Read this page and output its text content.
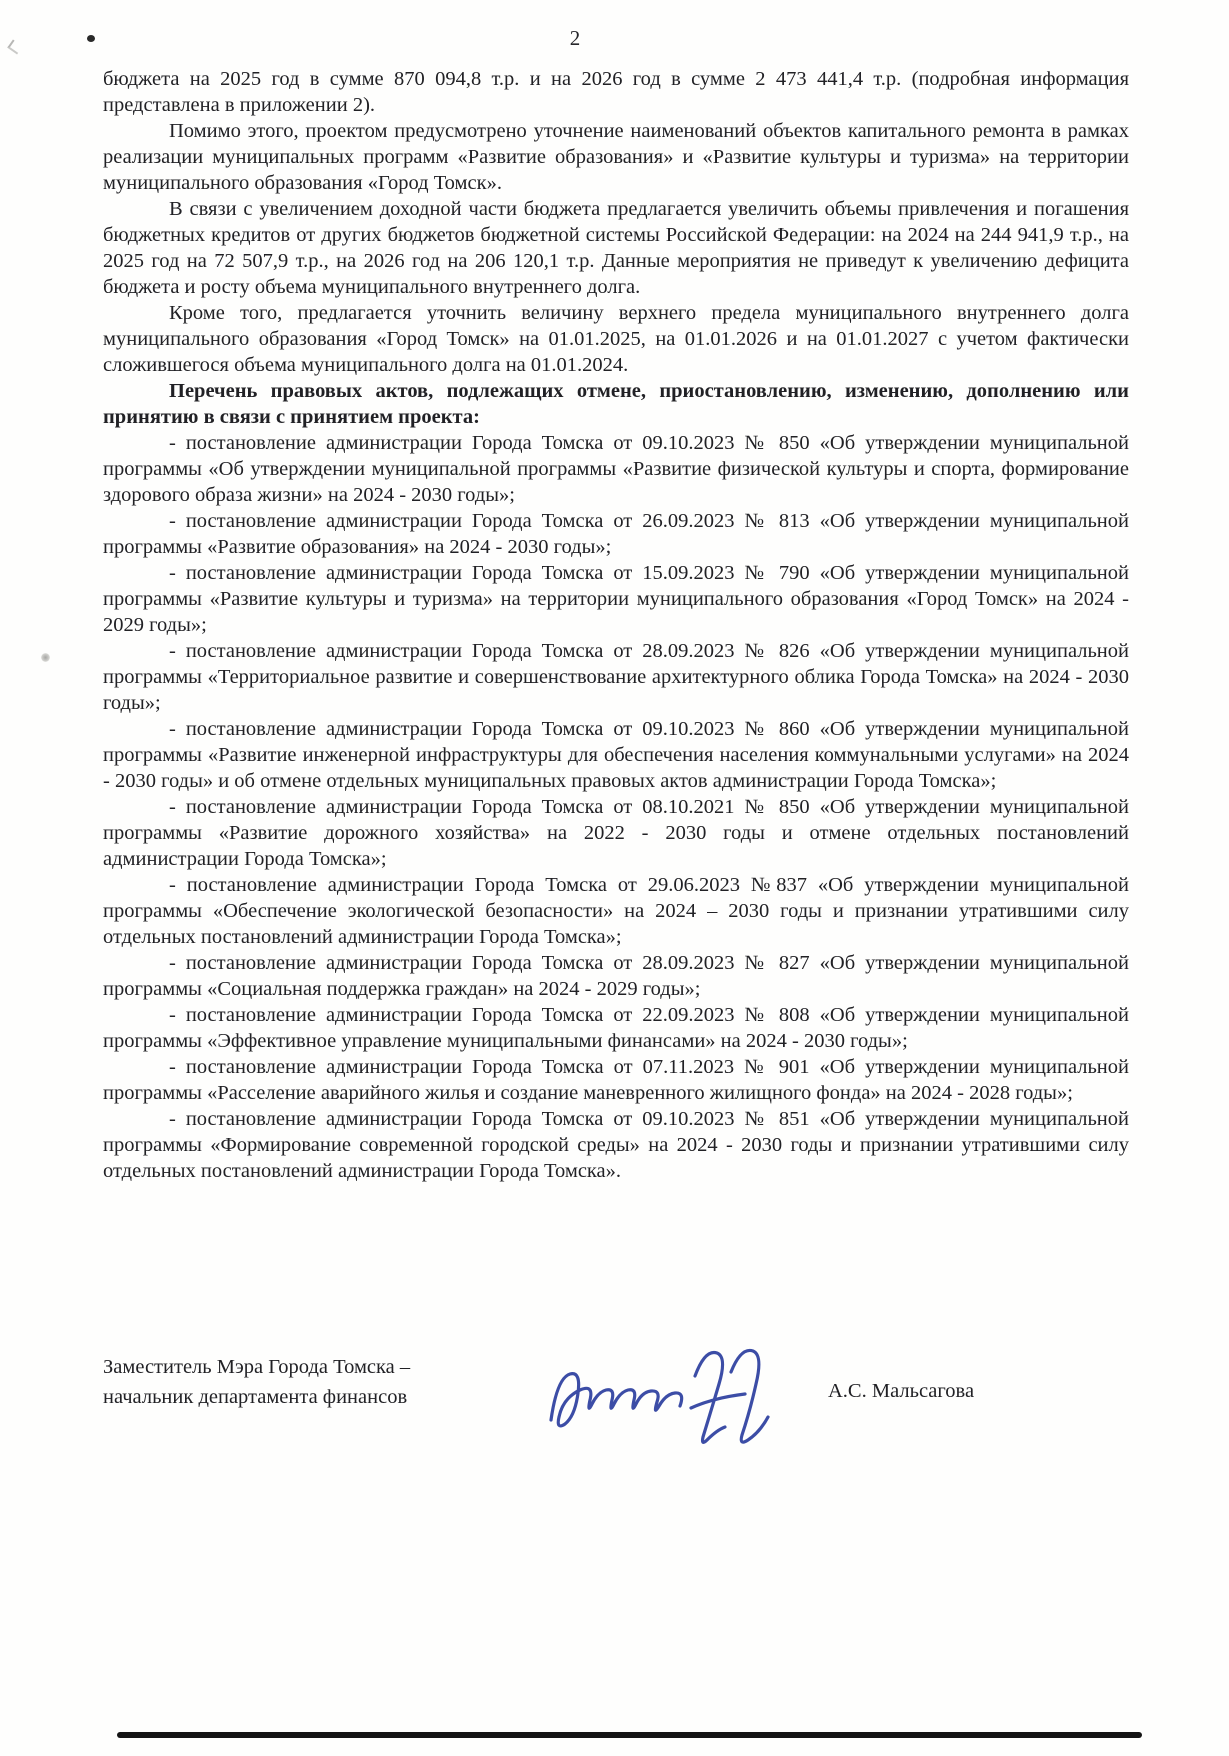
2

бюджета на 2025 год в сумме 870 094,8 т.р. и на 2026 год в сумме 2 473 441,4 т.р. (подробная информация представлена в приложении 2).

Помимо этого, проектом предусмотрено уточнение наименований объектов капитального ремонта в рамках реализации муниципальных программ «Развитие образования» и «Развитие культуры и туризма» на территории муниципального образования «Город Томск».

В связи с увеличением доходной части бюджета предлагается увеличить объемы привлечения и погашения бюджетных кредитов от других бюджетов бюджетной системы Российской Федерации: на 2024 на 244 941,9 т.р., на 2025 год на 72 507,9 т.р., на 2026 год на 206 120,1 т.р. Данные мероприятия не приведут к увеличению дефицита бюджета и росту объема муниципального внутреннего долга.

Кроме того, предлагается уточнить величину верхнего предела муниципального внутреннего долга муниципального образования «Город Томск» на 01.01.2025, на 01.01.2026 и на 01.01.2027 с учетом фактически сложившегося объема муниципального долга на 01.01.2024.

Перечень правовых актов, подлежащих отмене, приостановлению, изменению, дополнению или принятию в связи с принятием проекта:

- постановление администрации Города Томска от 09.10.2023 № 850 «Об утверждении муниципальной программы «Об утверждении муниципальной программы «Развитие физической культуры и спорта, формирование здорового образа жизни» на 2024 - 2030 годы»;

- постановление администрации Города Томска от 26.09.2023 № 813 «Об утверждении муниципальной программы «Развитие образования» на 2024 - 2030 годы»;

- постановление администрации Города Томска от 15.09.2023 № 790 «Об утверждении муниципальной программы «Развитие культуры и туризма» на территории муниципального образования «Город Томск» на 2024 - 2029 годы»;

- постановление администрации Города Томска от 28.09.2023 № 826 «Об утверждении муниципальной программы «Территориальное развитие и совершенствование архитектурного облика Города Томска» на 2024 - 2030 годы»;

- постановление администрации Города Томска от 09.10.2023 № 860 «Об утверждении муниципальной программы «Развитие инженерной инфраструктуры для обеспечения населения коммунальными услугами» на 2024 - 2030 годы» и об отмене отдельных муниципальных правовых актов администрации Города Томска»;

- постановление администрации Города Томска от 08.10.2021 № 850 «Об утверждении муниципальной программы «Развитие дорожного хозяйства» на 2022 - 2030 годы и отмене отдельных постановлений администрации Города Томска»;

- постановление администрации Города Томска от 29.06.2023 №837 «Об утверждении муниципальной программы «Обеспечение экологической безопасности» на 2024 – 2030 годы и признании утратившими силу отдельных постановлений администрации Города Томска»;

- постановление администрации Города Томска от 28.09.2023 № 827 «Об утверждении муниципальной программы «Социальная поддержка граждан» на 2024 - 2029 годы»;

- постановление администрации Города Томска от 22.09.2023 № 808 «Об утверждении муниципальной программы «Эффективное управление муниципальными финансами» на 2024 - 2030 годы»;

- постановление администрации Города Томска от 07.11.2023 № 901 «Об утверждении муниципальной программы «Расселение аварийного жилья и создание маневренного жилищного фонда» на 2024 - 2028 годы»;

- постановление администрации Города Томска от 09.10.2023 № 851 «Об утверждении муниципальной программы «Формирование современной городской среды» на 2024 - 2030 годы и признании утратившими силу отдельных постановлений администрации Города Томска».

Заместитель Мэра Города Томска –
начальник департамента финансов	А.С. Мальсагова
